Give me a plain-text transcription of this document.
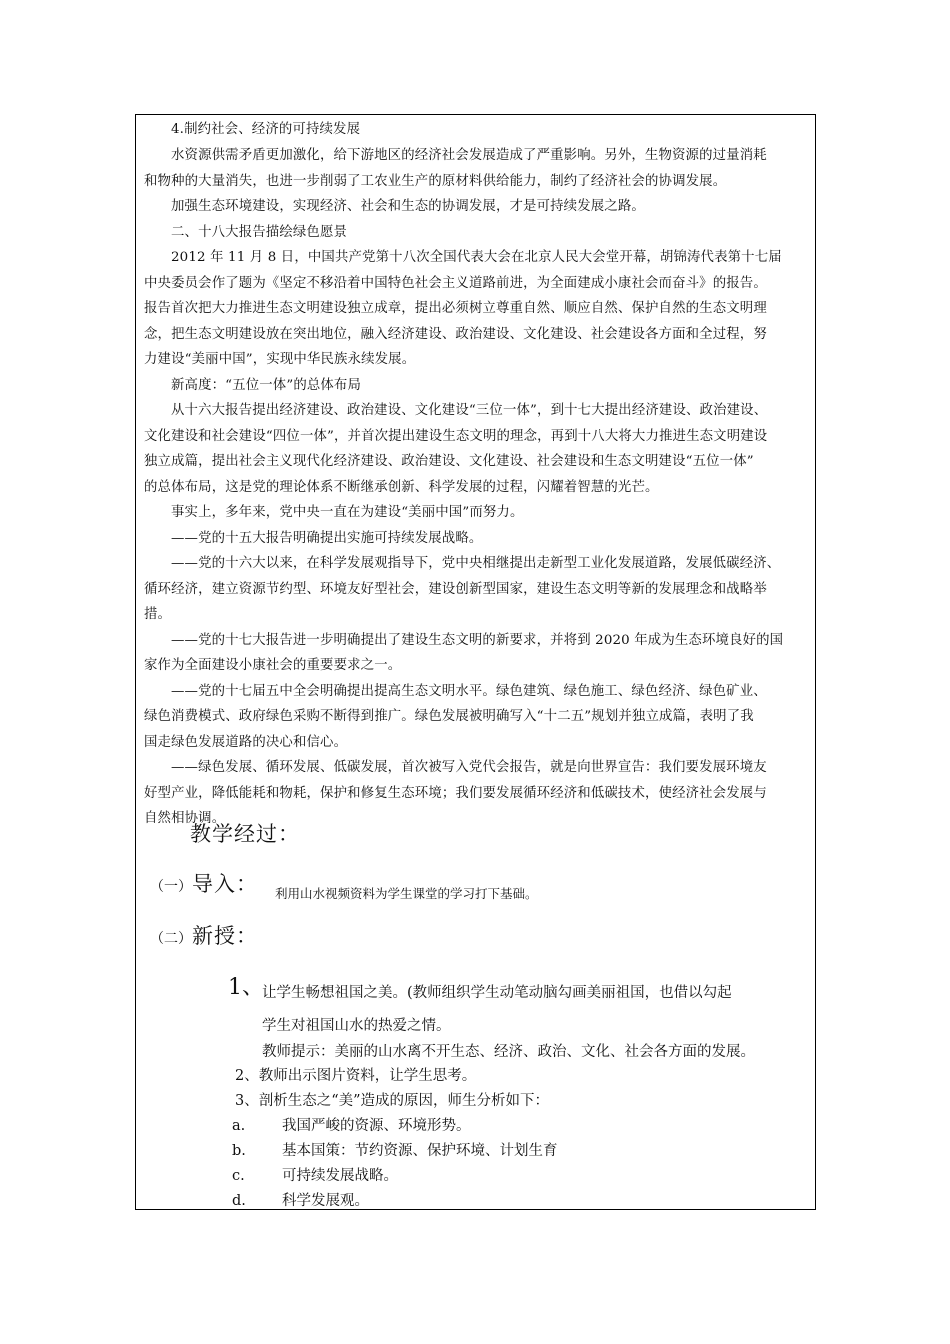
4.制约社会、经济的可持续发展

水资源供需矛盾更加激化，给下游地区的经济社会发展造成了严重影响。另外，生物资源的过量消耗

和物种的大量消失，也进一步削弱了工农业生产的原材料供给能力，制约了经济社会的协调发展。

加强生态环境建设，实现经济、社会和生态的协调发展，才是可持续发展之路。

二、十八大报告描绘绿色愿景

2012 年 11 月 8 日，中国共产党第十八次全国代表大会在北京人民大会堂开幕，胡锦涛代表第十七届

中央委员会作了题为《坚定不移沿着中国特色社会主义道路前进，为全面建成小康社会而奋斗》的报告。

报告首次把大力推进生态文明建设独立成章，提出必须树立尊重自然、顺应自然、保护自然的生态文明理

念，把生态文明建设放在突出地位，融入经济建设、政治建设、文化建设、社会建设各方面和全过程，努

力建设“美丽中国”，实现中华民族永续发展。

新高度：“五位一体”的总体布局

从十六大报告提出经济建设、政治建设、文化建设“三位一体”，到十七大提出经济建设、政治建设、

文化建设和社会建设“四位一体”，并首次提出建设生态文明的理念，再到十八大将大力推进生态文明建设

独立成篇，提出社会主义现代化经济建设、政治建设、文化建设、社会建设和生态文明建设“五位一体”

的总体布局，这是党的理论体系不断继承创新、科学发展的过程，闪耀着智慧的光芒。

事实上，多年来，党中央一直在为建设“美丽中国”而努力。

——党的十五大报告明确提出实施可持续发展战略。

——党的十六大以来，在科学发展观指导下，党中央相继提出走新型工业化发展道路，发展低碳经济、

循环经济，建立资源节约型、环境友好型社会，建设创新型国家，建设生态文明等新的发展理念和战略举

措。

——党的十七大报告进一步明确提出了建设生态文明的新要求，并将到 2020 年成为生态环境良好的国

家作为全面建设小康社会的重要要求之一。

——党的十七届五中全会明确提出提高生态文明水平。绿色建筑、绿色施工、绿色经济、绿色矿业、

绿色消费模式、政府绿色采购不断得到推广。绿色发展被明确写入“十二五”规划并独立成篇，表明了我

国走绿色发展道路的决心和信心。

——绿色发展、循环发展、低碳发展，首次被写入党代会报告，就是向世界宣告：我们要发展环境友

好型产业，降低能耗和物耗，保护和修复生态环境；我们要发展循环经济和低碳技术，使经济社会发展与

自然相协调。

教学经过：

（一）导入： 利用山水视频资料为学生课堂的学习打下基础。

（二）新授：

1、

让学生畅想祖国之美。(教师组织学生动笔动脑勾画美丽祖国，也借以勾起

学生对祖国山水的热爱之情。

教师提示：美丽的山水离不开生态、经济、政治、文化、社会各方面的发展。

2、教师出示图片资料，让学生思考。

3、剖析生态之“美”造成的原因，师生分析如下：

a.	我国严峻的资源、环境形势。

b. 基本国策：节约资源、保护环境、计划生育

c.	可持续发展战略。

d. 科学发展观。
